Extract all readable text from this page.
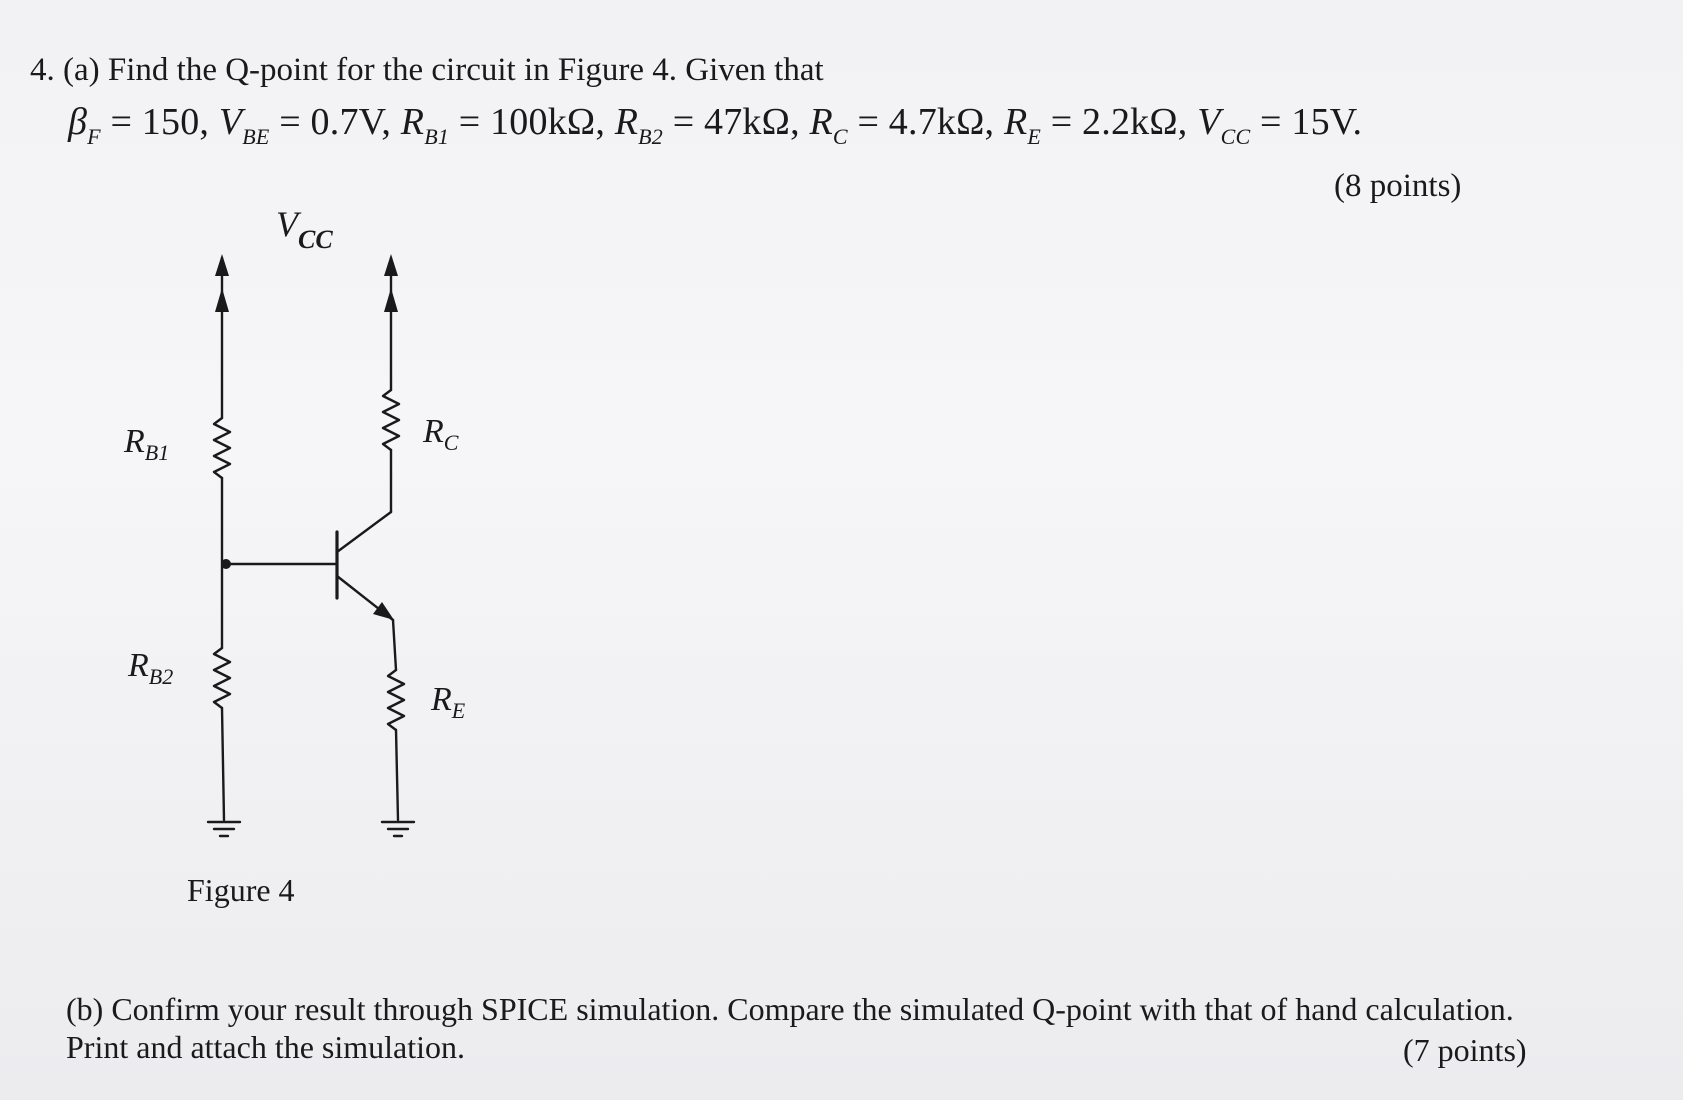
4. (a) Find the Q-point for the circuit in Figure 4. Given that
$\beta_F = 150$, $V_{BE} = 0.7V$, $R_{B1} = 100k\Omega$, $R_{B2} = 47k\Omega$, $R_C = 4.7k\Omega$, $R_E = 2.2k\Omega$, $V_{CC} = 15V$.
(8 points)
$V_{CC}$
$R_{B1}$
$R_{B2}$
$R_C$
$R_E$
Figure 4
(b) Confirm your result through SPICE simulation. Compare the simulated Q-point with that of hand calculation.
Print and attach the simulation.	(7 points)
